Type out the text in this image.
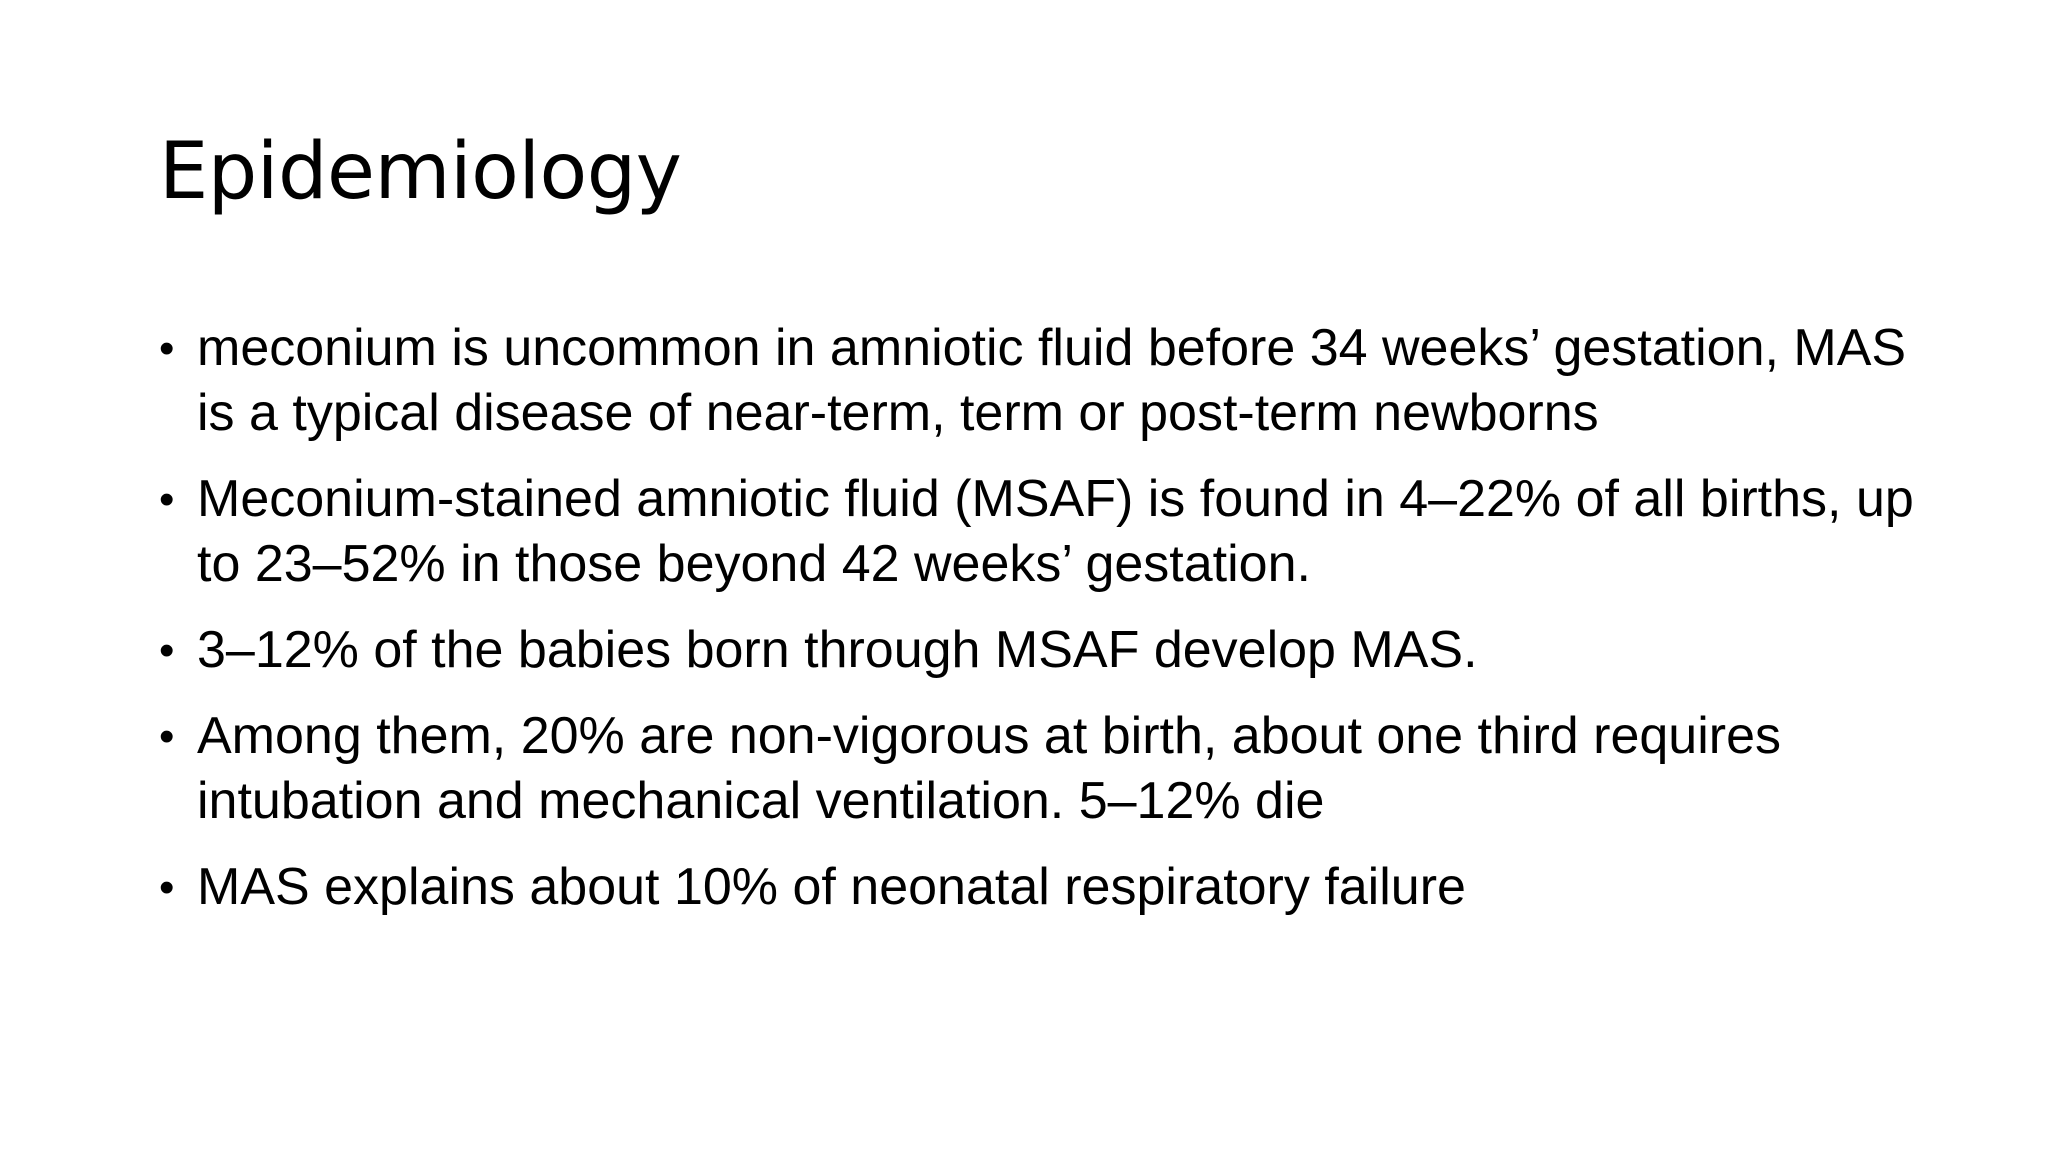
Epidemiology
• meconium is uncommon in amniotic fluid before 34 weeks’ gestation, MAS is a typical disease of near-term, term or post-term newborns
• Meconium-stained amniotic fluid (MSAF) is found in 4–22% of all births, up to 23–52% in those beyond 42 weeks’ gestation.
• 3–12% of the babies born through MSAF develop MAS.
• Among them, 20% are non-vigorous at birth, about one third requires intubation and mechanical ventilation. 5–12% die
• MAS explains about 10% of neonatal respiratory failure
